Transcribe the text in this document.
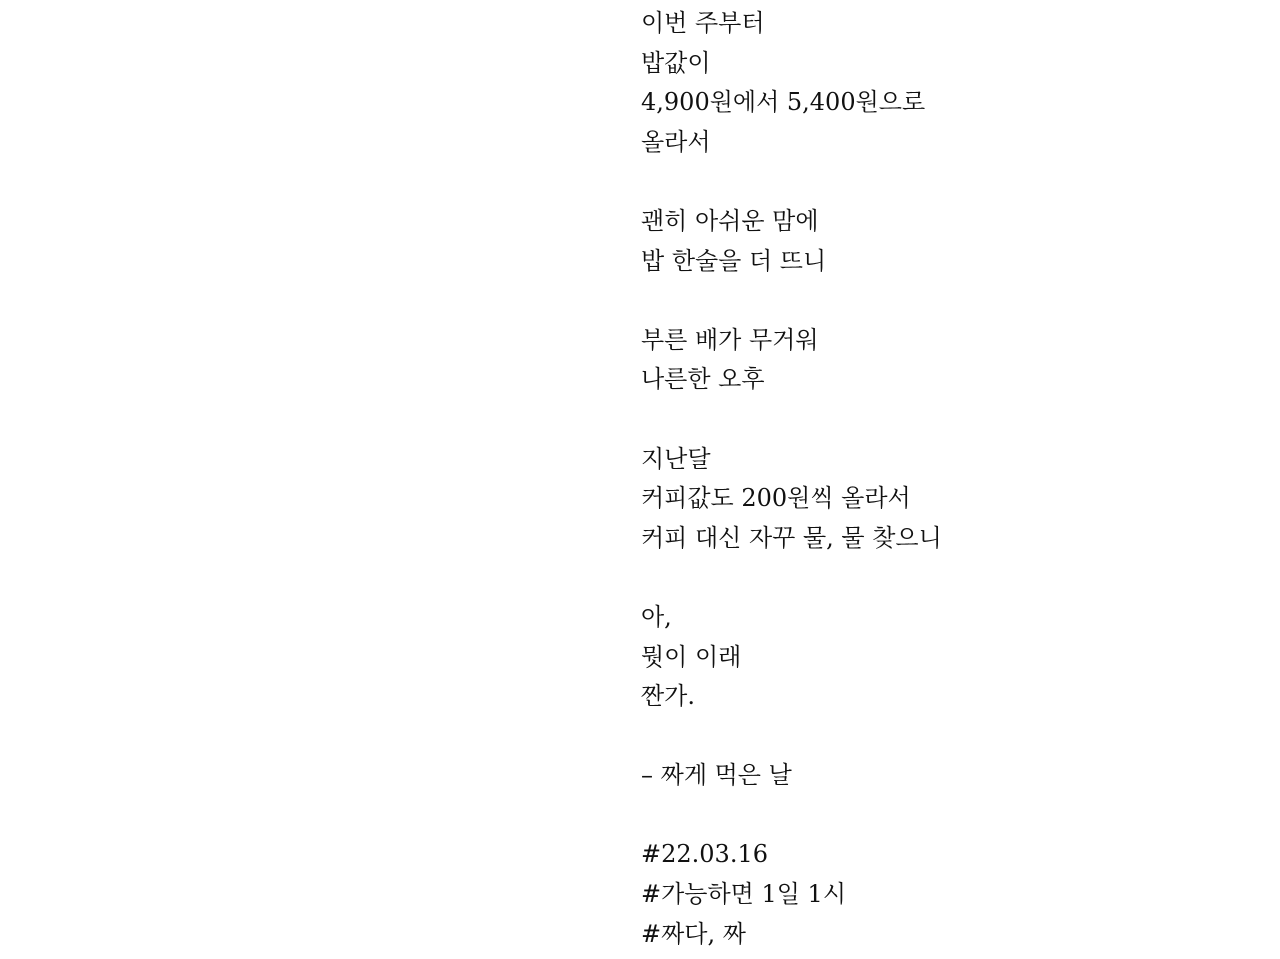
이번 주부터
밥값이
4,900원에서 5,400원으로
올라서
괜히 아쉬운 맘에
밥 한술을 더 뜨니
부른 배가 무거워
나른한 오후
지난달
커피값도 200원씩 올라서
커피 대신 자꾸 물, 물 찾으니
아,
뭣이 이래
짠가.
– 짜게 먹은 날
#22.03.16
#가능하면 1일 1시
#짜다, 짜
